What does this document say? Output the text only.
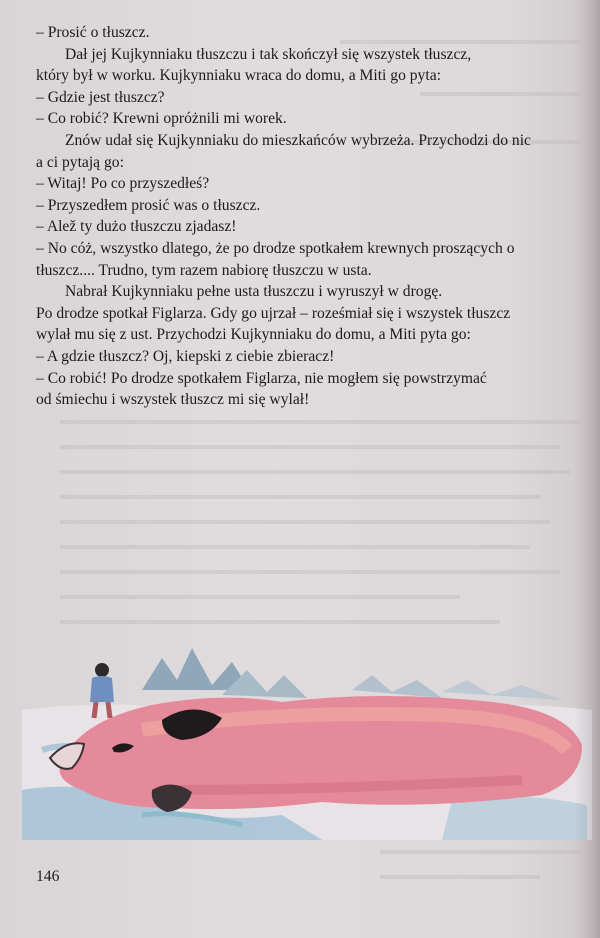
– Prosić o tłuszcz.

Dał jej Kujkynniaku tłuszczu i tak skończył się wszystek tłuszcz,

który był w worku. Kujkynniaku wraca do domu, a Miti go pyta:

– Gdzie jest tłuszcz?

– Co robić? Krewni opróżnili mi worek.

Znów udał się Kujkynniaku do mieszkańców wybrzeża. Przychodzi do nic

a ci pytają go:

– Witaj! Po co przyszedłeś?

– Przyszedłem prosić was o tłuszcz.

– Alež ty dużo tłuszczu zjadasz!

– No cóż, wszystko dlatego, że po drodze spotkałem krewnych proszących o

tłuszcz.... Trudno, tym razem nabiorę tłuszczu w usta.

Nabrał Kujkynniaku pełne usta tłuszczu i wyruszył w drogę.

Po drodze spotkał Figlarza. Gdy go ujrzał – roześmiał się i wszystek tłuszcz

wylał mu się z ust. Przychodzi Kujkynniaku do domu, a Miti pyta go:

– A gdzie tłuszcz? Oj, kiepski z ciebie zbieracz!

– Co robić! Po drodze spotkałem Figlarza, nie mogłem się powstrzymać

od śmiechu i wszystek tłuszcz mi się wylał!

146
